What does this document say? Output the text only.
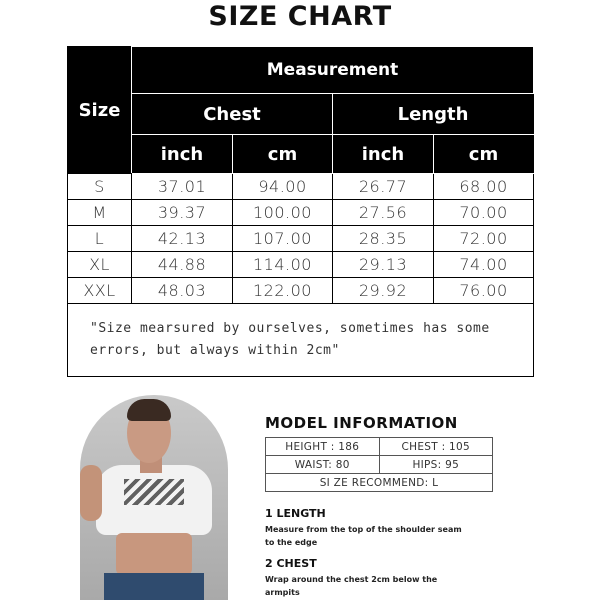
SIZE CHART
Size	Measurement			
	Chest		Length	
	inch	cm	inch	cm
S	37.01	94.00	26.77	68.00
M	39.37	100.00	27.56	70.00
L	42.13	107.00	28.35	72.00
XL	44.88	114.00	29.13	74.00
XXL	48.03	122.00	29.92	76.00
"Size mearsured by ourselves, sometimes has some errors, but always within 2cm"				
MODEL INFORMATION
HEIGHT : 186	CHEST : 105
WAIST: 80	HIPS: 95
SI ZE RECOMMEND: L	
1 LENGTH
Measure from the top of the shoulder seam to the edge
2 CHEST
Wrap around the chest 2cm below the armpits
